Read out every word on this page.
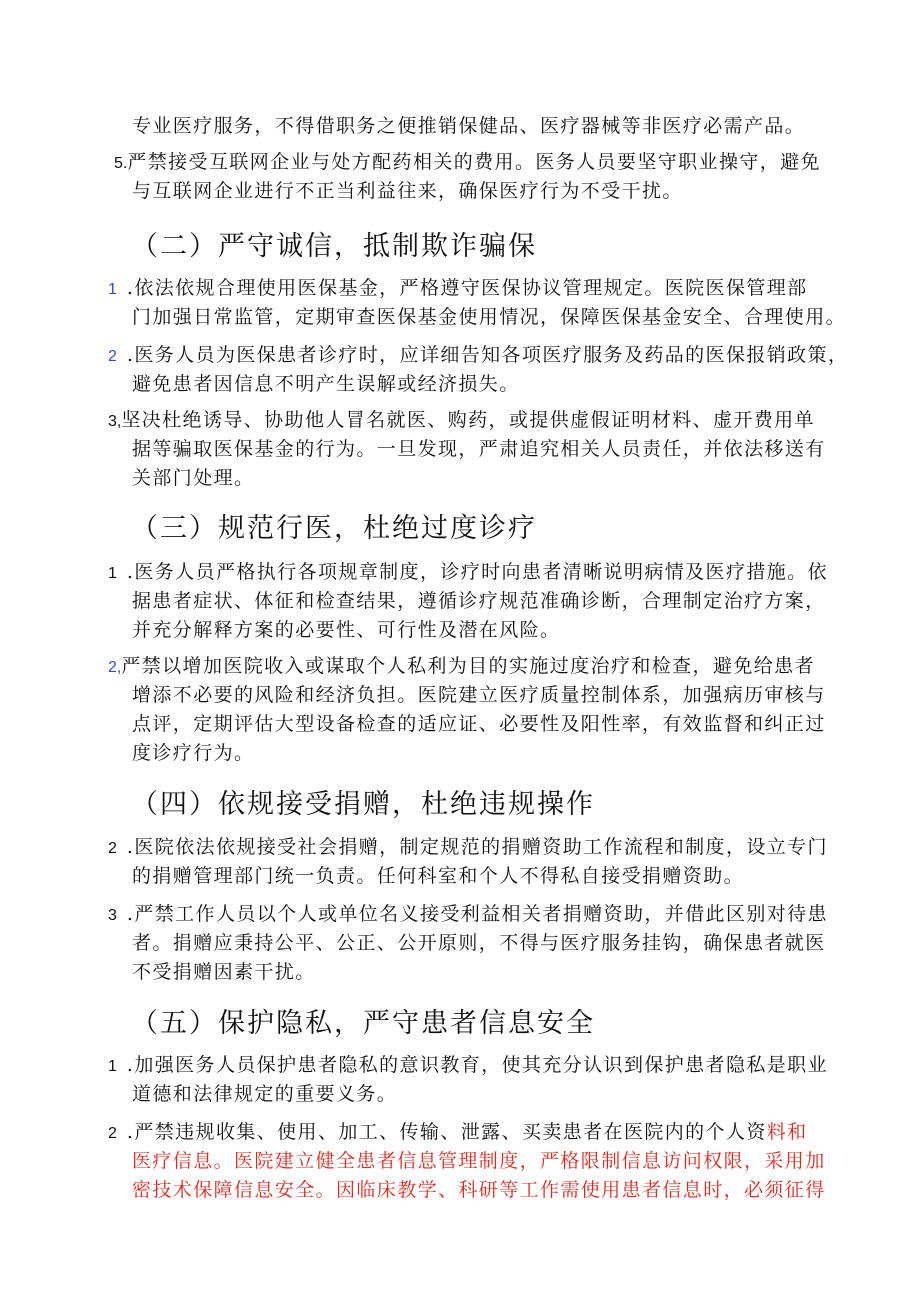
专业医疗服务，不得借职务之便推销保健品、医疗器械等非医疗必需产品。
5.严禁接受互联网企业与处方配药相关的费用。医务人员要坚守职业操守，避免
与互联网企业进行不正当利益往来，确保医疗行为不受干扰。
（二）严守诚信，抵制欺诈骗保
1 .依法依规合理使用医保基金，严格遵守医保协议管理规定。医院医保管理部
门加强日常监管，定期审查医保基金使用情况，保障医保基金安全、合理使用。
2 .医务人员为医保患者诊疗时，应详细告知各项医疗服务及药品的医保报销政策，
避免患者因信息不明产生误解或经济损失。
3,坚决杜绝诱导、协助他人冒名就医、购药，或提供虚假证明材料、虚开费用单
据等骗取医保基金的行为。一旦发现，严肃追究相关人员责任，并依法移送有
关部门处理。
（三）规范行医，杜绝过度诊疗
1 .医务人员严格执行各项规章制度，诊疗时向患者清晰说明病情及医疗措施。依
据患者症状、体征和检查结果，遵循诊疗规范准确诊断，合理制定治疗方案，
并充分解释方案的必要性、可行性及潜在风险。
2,严禁以增加医院收入或谋取个人私利为目的实施过度治疗和检查，避免给患者
增添不必要的风险和经济负担。医院建立医疗质量控制体系，加强病历审核与
点评，定期评估大型设备检查的适应证、必要性及阳性率，有效监督和纠正过
度诊疗行为。
（四）依规接受捐赠，杜绝违规操作
2 .医院依法依规接受社会捐赠，制定规范的捐赠资助工作流程和制度，设立专门
的捐赠管理部门统一负责。任何科室和个人不得私自接受捐赠资助。
3 .严禁工作人员以个人或单位名义接受利益相关者捐赠资助，并借此区别对待患
者。捐赠应秉持公平、公正、公开原则，不得与医疗服务挂钩，确保患者就医
不受捐赠因素干扰。
（五）保护隐私，严守患者信息安全
1 .加强医务人员保护患者隐私的意识教育，使其充分认识到保护患者隐私是职业
道德和法律规定的重要义务。
2 .严禁违规收集、使用、加工、传输、泄露、买卖患者在医院内的个人资料和
医疗信息。医院建立健全患者信息管理制度，严格限制信息访问权限，采用加
密技术保障信息安全。因临床教学、科研等工作需使用患者信息时，必须征得
